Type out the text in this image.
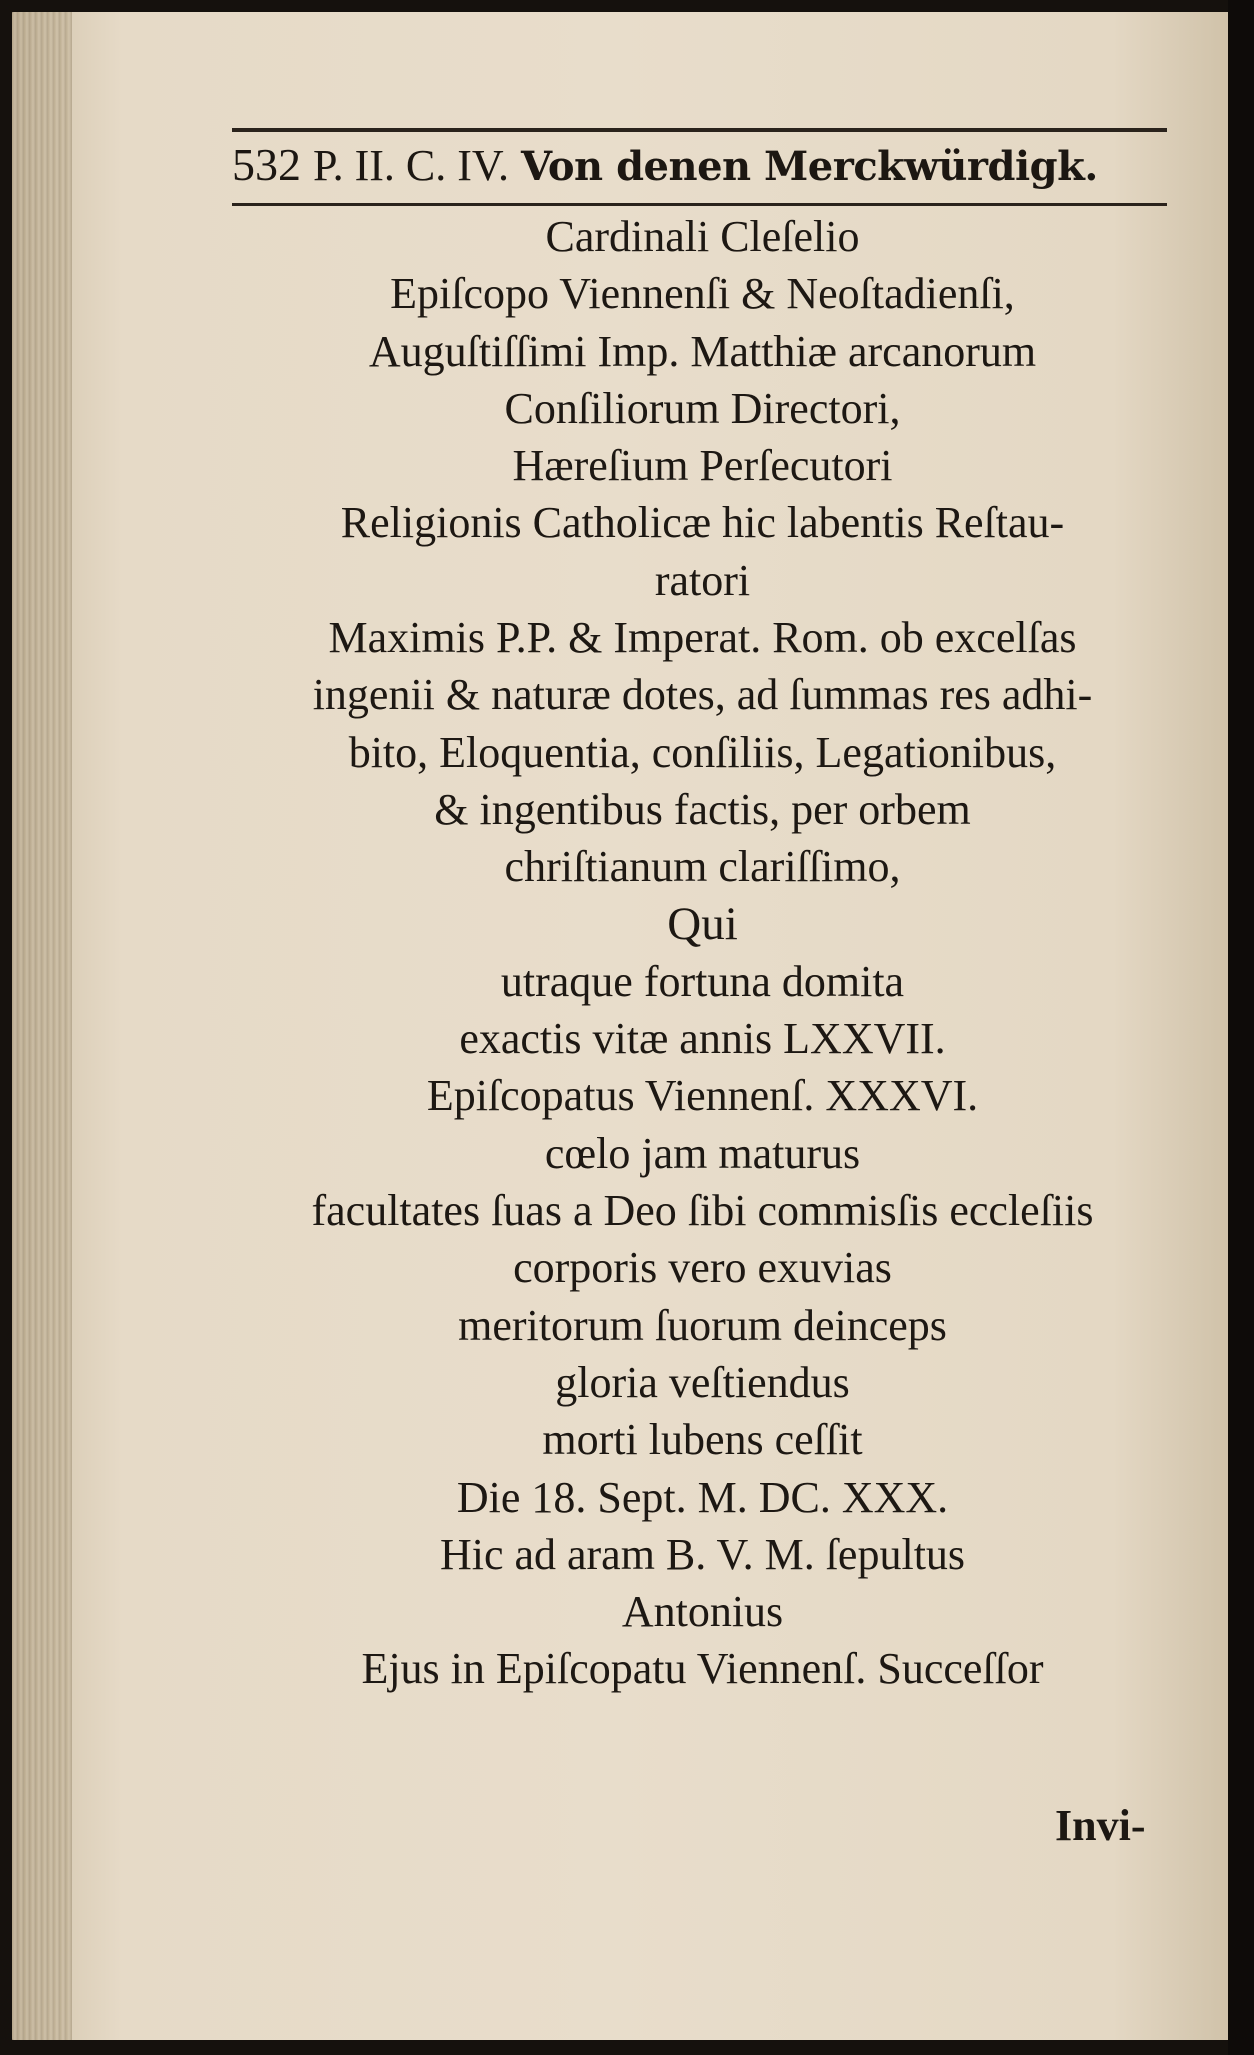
532 P. II. C. IV. Von denen Merckwürdigk.
Cardinali Cleſelio
Epiſcopo Viennenſi & Neoſtadienſi,
Auguſtiſſimi Imp. Matthiæ arcanorum
Conſiliorum Directori,
Hæreſium Perſecutori
Religionis Catholicæ hic labentis Reſtau-
ratori
Maximis P.P. & Imperat. Rom. ob excelſas
ingenii & naturæ dotes, ad ſummas res adhi-
bito, Eloquentia, conſiliis, Legationibus,
& ingentibus factis, per orbem
chriſtianum clariſſimo,
Qui
utraque fortuna domita
exactis vitæ annis LXXVII.
Epiſcopatus Viennenſ. XXXVI.
cœlo jam maturus
facultates ſuas a Deo ſibi commisſis eccleſiis
corporis vero exuvias
meritorum ſuorum deinceps
gloria veſtiendus
morti lubens ceſſit
Die 18. Sept. M. DC. XXX.
Hic ad aram B. V. M. ſepultus
Antonius
Ejus in Epiſcopatu Viennenſ. Succeſſor
Invi-
